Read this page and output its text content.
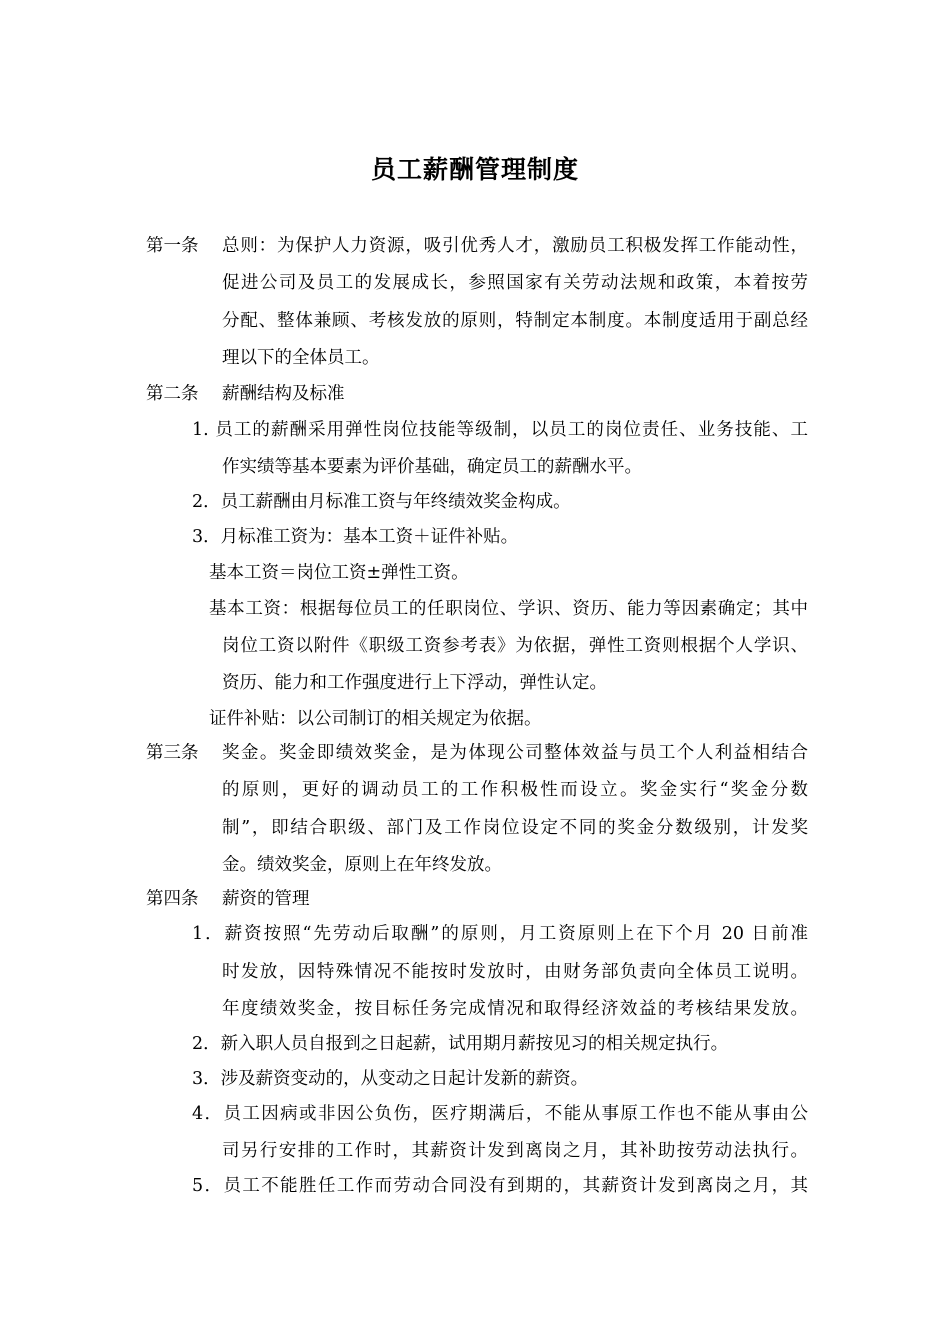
员工薪酬管理制度
第一条 总则：为保护人力资源，吸引优秀人才，激励员工积极发挥工作能动性，
促进公司及员工的发展成长，参照国家有关劳动法规和政策，本着按劳
分配、整体兼顾、考核发放的原则，特制定本制度。本制度适用于副总经
理以下的全体员工。
第二条 薪酬结构及标准
1. 员工的薪酬采用弹性岗位技能等级制，以员工的岗位责任、业务技能、工
作实绩等基本要素为评价基础，确定员工的薪酬水平。
2．员工薪酬由月标准工资与年终绩效奖金构成。
3．月标准工资为：基本工资＋证件补贴。
基本工资＝岗位工资±弹性工资。
基本工资：根据每位员工的任职岗位、学识、资历、能力等因素确定；其中
岗位工资以附件《职级工资参考表》为依据，弹性工资则根据个人学识、
资历、能力和工作强度进行上下浮动，弹性认定。
证件补贴：以公司制订的相关规定为依据。
第三条 奖金。奖金即绩效奖金，是为体现公司整体效益与员工个人利益相结合
的原则，更好的调动员工的工作积极性而设立。奖金实行“奖金分数
制”，即结合职级、部门及工作岗位设定不同的奖金分数级别，计发奖
金。绩效奖金，原则上在年终发放。
第四条 薪资的管理
1．薪资按照“先劳动后取酬”的原则，月工资原则上在下个月 20 日前准
时发放，因特殊情况不能按时发放时，由财务部负责向全体员工说明。
年度绩效奖金，按目标任务完成情况和取得经济效益的考核结果发放。
2．新入职人员自报到之日起薪，试用期月薪按见习的相关规定执行。
3．涉及薪资变动的，从变动之日起计发新的薪资。
4．员工因病或非因公负伤，医疗期满后，不能从事原工作也不能从事由公
司另行安排的工作时，其薪资计发到离岗之月，其补助按劳动法执行。
5．员工不能胜任工作而劳动合同没有到期的，其薪资计发到离岗之月，其
